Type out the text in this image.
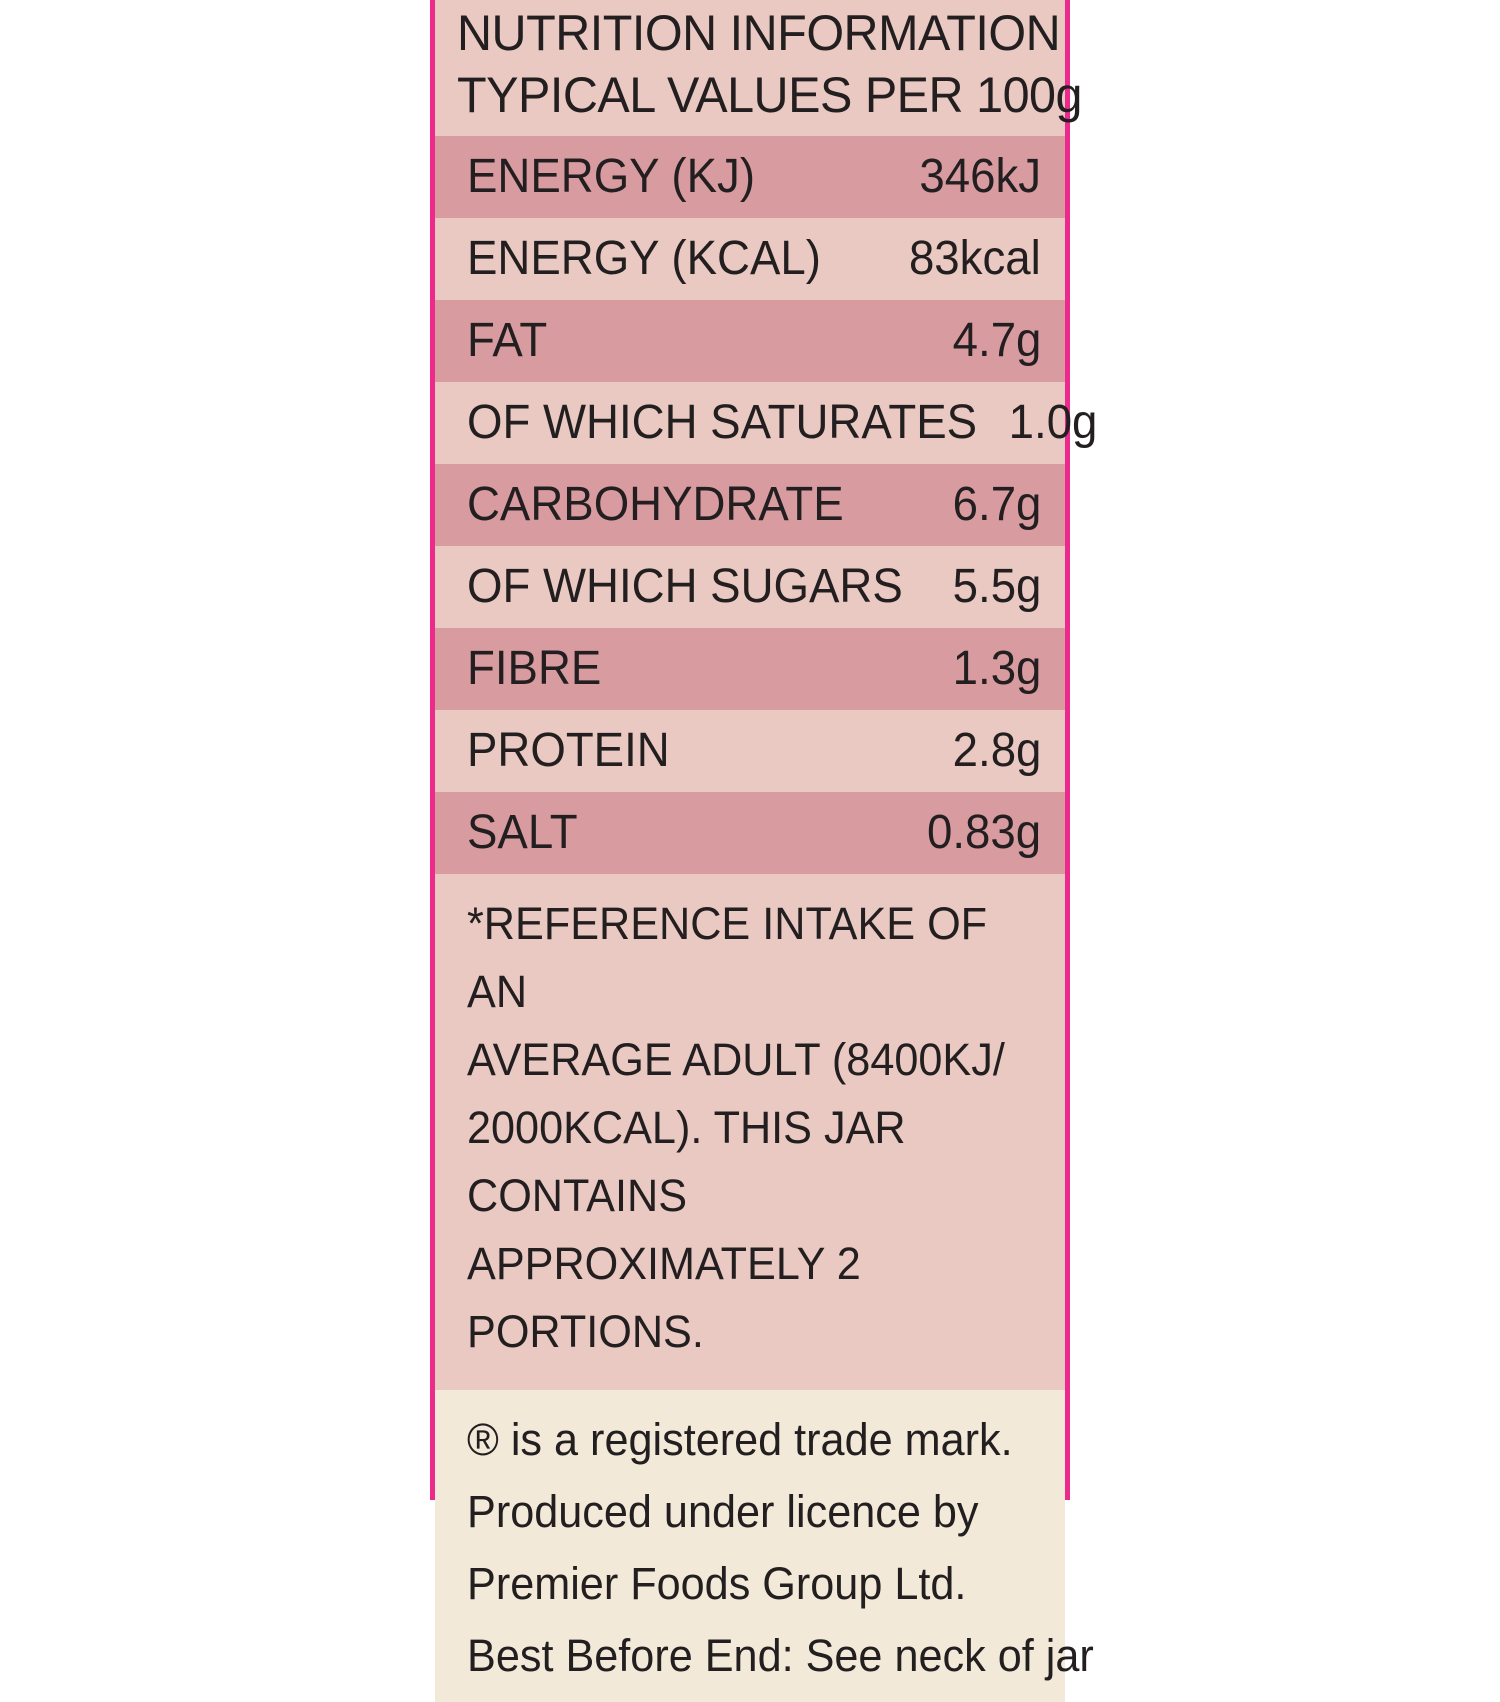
NUTRITION INFORMATION
TYPICAL VALUES PER 100g
ENERGY (KJ)	346kJ
ENERGY (KCAL) 83kcal
FAT	4.7g
OF WHICH SATURATES 1.0g
CARBOHYDRATE 6.7g
OF WHICH SUGARS 5.5g
FIBRE	1.3g
PROTEIN	2.8g
SALT	0.83g

*REFERENCE INTAKE OF AN

AVERAGE ADULT (8400KJ/

2000KCAL). THIS JAR CONTAINS

APPROXIMATELY 2 PORTIONS.

® is a registered trade mark.

Produced under licence by

Premier Foods Group Ltd.

Best Before End: See neck of jar
